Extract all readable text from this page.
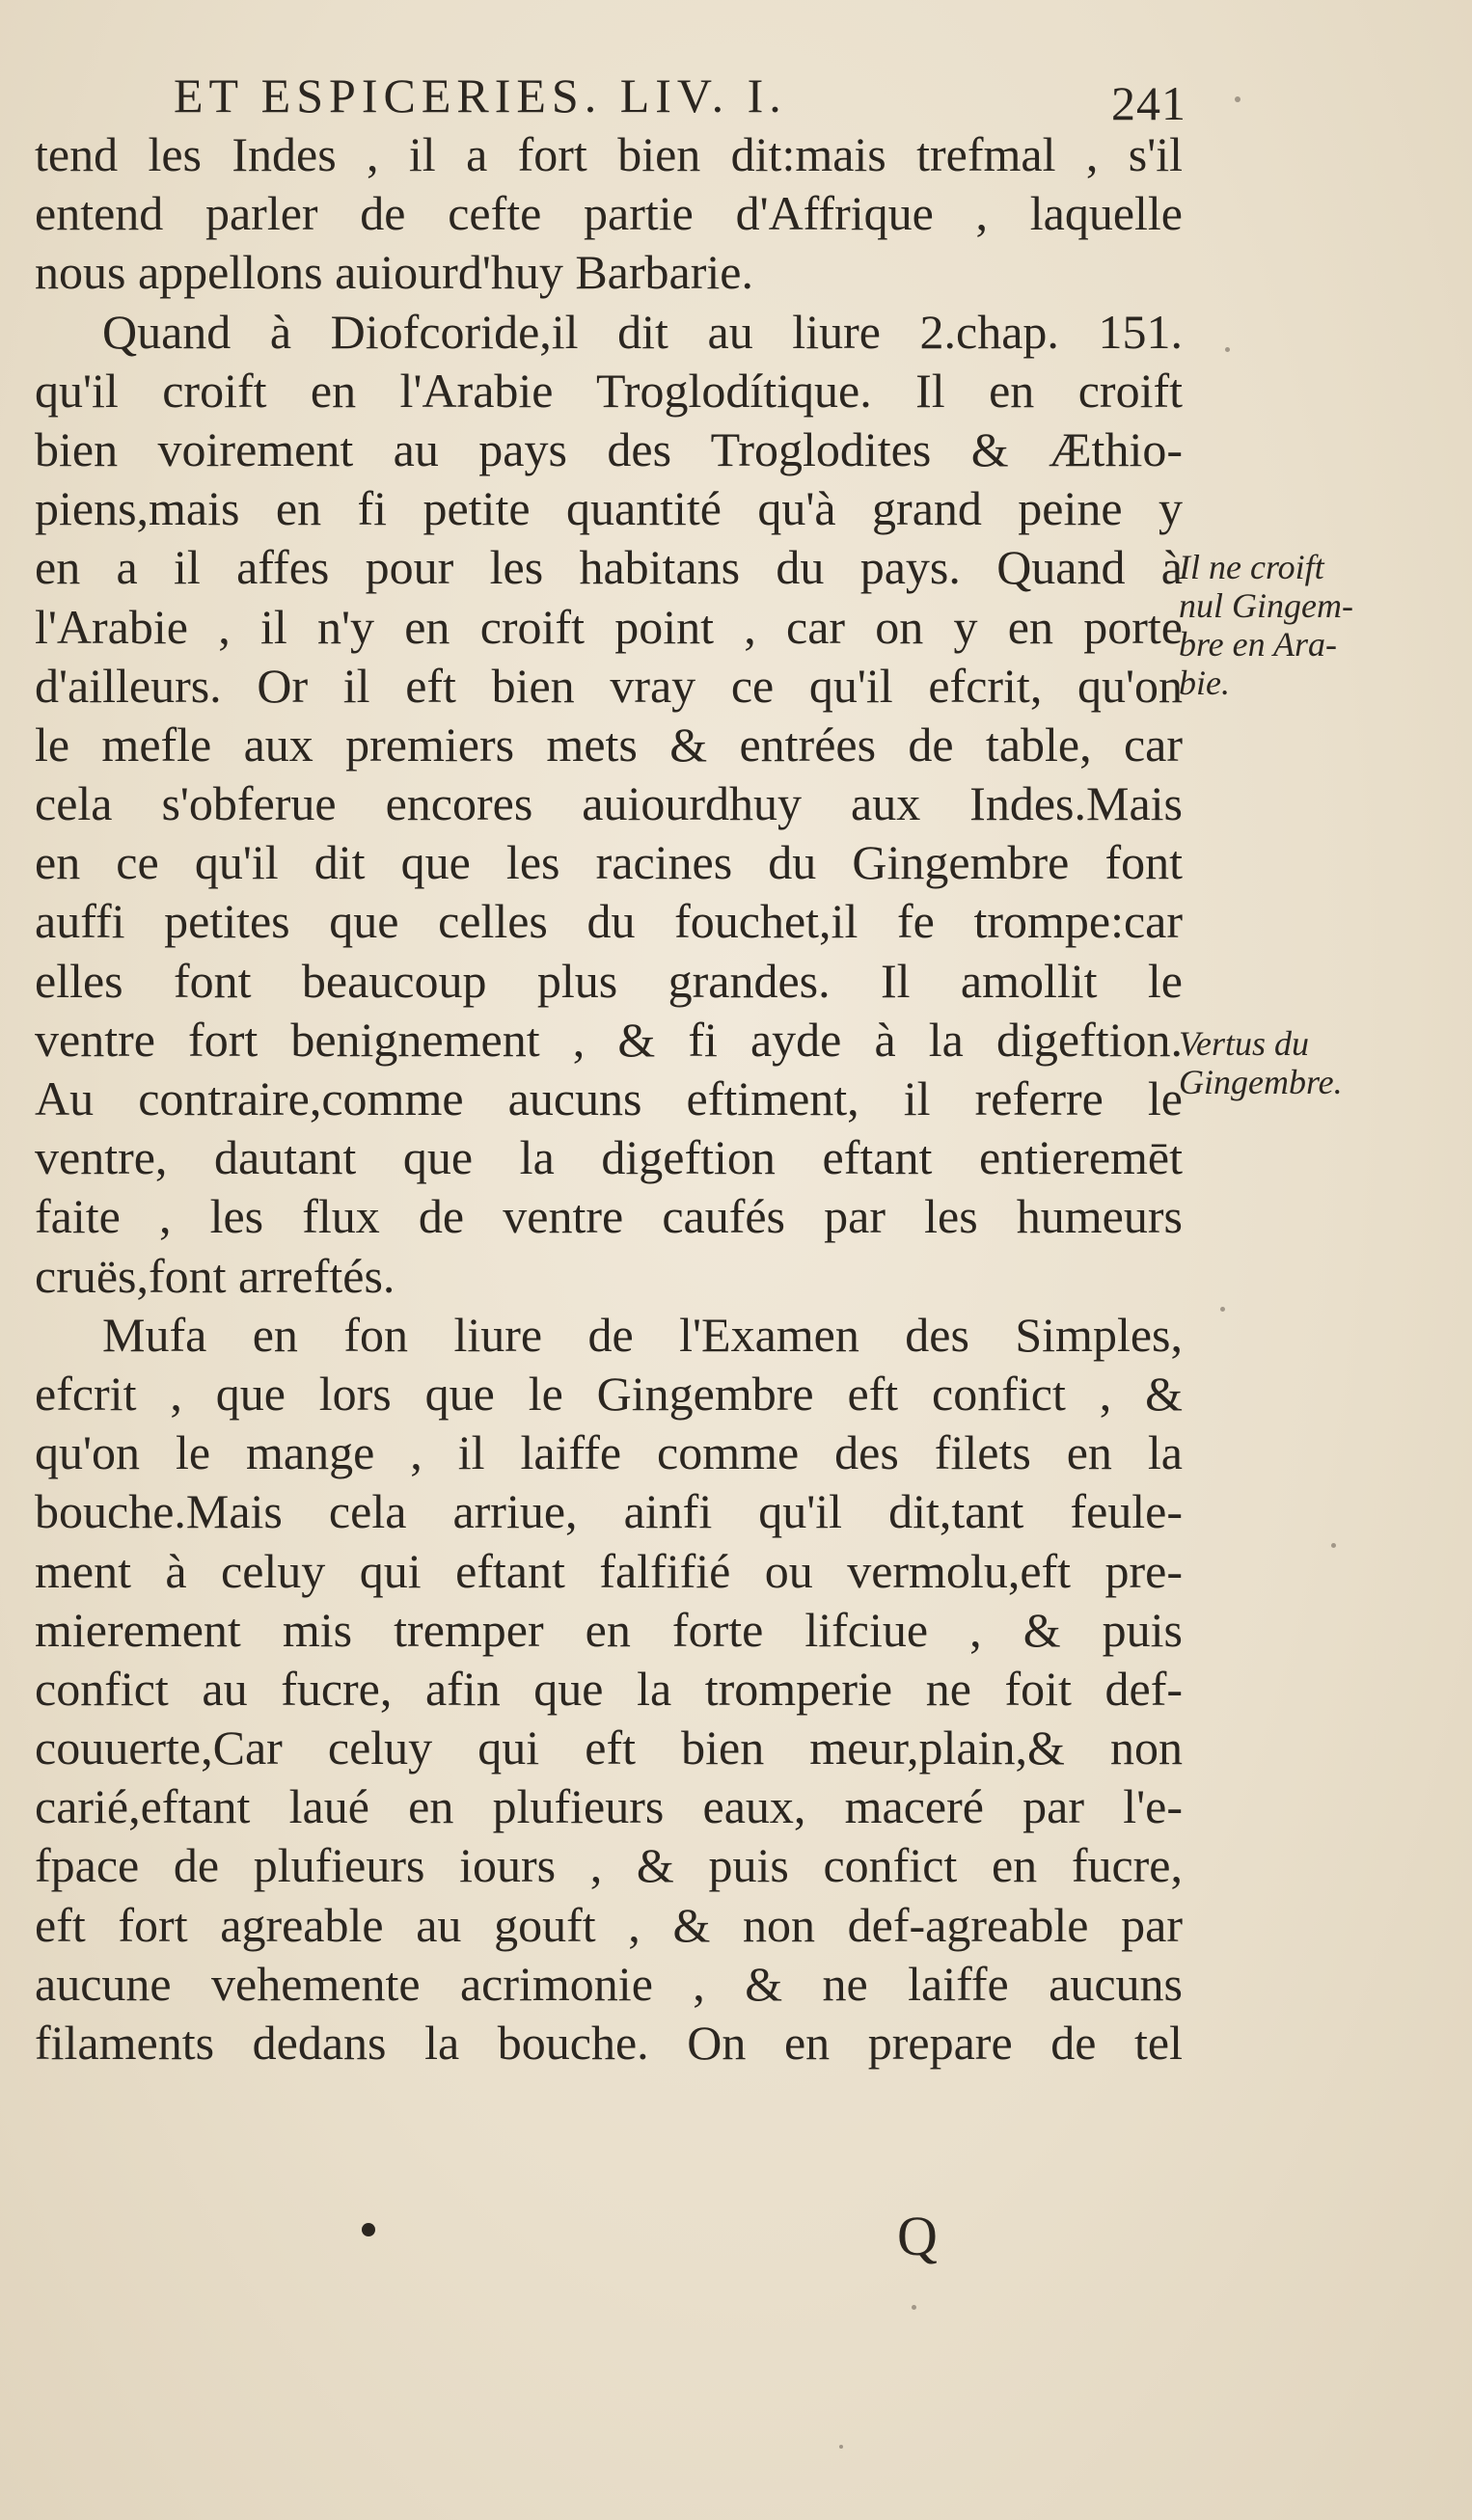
ET ESPICERIES. LIV. I.	241
tend les Indes , il a fort bien dit:mais trefmal , s'il
entend parler de cefte partie d'Affrique , laquelle
nous appellons auiourd'huy Barbarie.
Quand à Diofcoride,il dit au liure 2.chap. 151.
qu'il croift en l'Arabie Troglodítique. Il en croift
bien voirement au pays des Troglodites & Æthio-
piens,mais en fi petite quantité qu'à grand peine y
en a il affes pour les habitans du pays. Quand à
l'Arabie , il n'y en croift point , car on y en porte
d'ailleurs. Or il eft bien vray ce qu'il efcrit, qu'on
le mefle aux premiers mets & entrées de table, car
cela s'obferue encores auiourdhuy aux Indes.Mais
en ce qu'il dit que les racines du Gingembre font
auffi petites que celles du fouchet,il fe trompe:car
elles font beaucoup plus grandes. Il amollit le
ventre fort benignement , & fi ayde à la digeftion.
Au contraire,comme aucuns eftiment, il referre le
ventre, dautant que la digeftion eftant entieremēt
faite , les flux de ventre caufés par les humeurs
cruës,font arreftés.
Mufa en fon liure de l'Examen des Simples,
efcrit , que lors que le Gingembre eft confict , &
qu'on le mange , il laiffe comme des filets en la
bouche.Mais cela arriue, ainfi qu'il dit,tant feule-
ment à celuy qui eftant falfifié ou vermolu,eft pre-
mierement mis tremper en forte lifciue , & puis
confict au fucre, afin que la tromperie ne foit def-
couuerte,Car celuy qui eft bien meur,plain,& non
carié,eftant laué en plufieurs eaux, maceré par l'e-
fpace de plufieurs iours , & puis confict en fucre,
eft fort agreable au gouft , & non def-agreable par
aucune vehemente acrimonie , & ne laiffe aucuns
filaments dedans la bouche. On en prepare de tel
Il ne croift
nul Gingem-
bre en Ara-
bie.
Vertus du
Gingembre.
Q
